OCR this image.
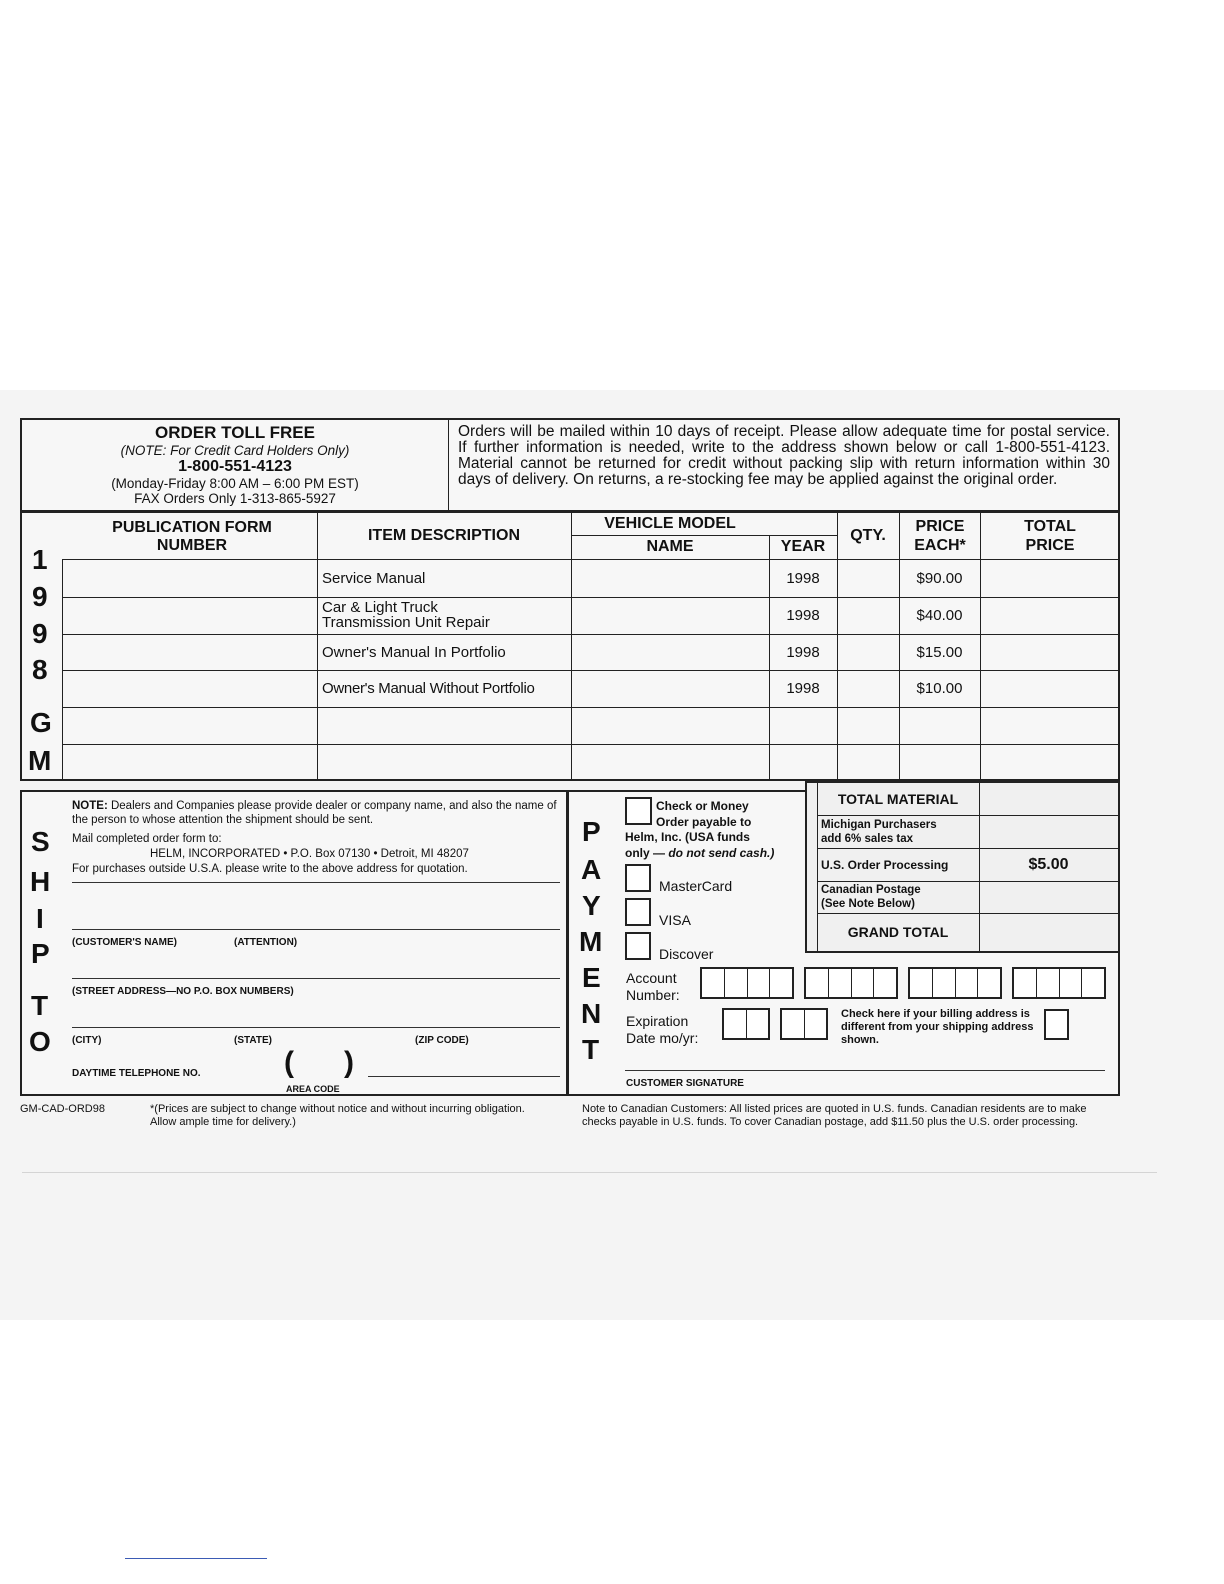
ORDER TOLL FREE
(NOTE: For Credit Card Holders Only)
1-800-551-4123
(Monday-Friday 8:00 AM – 6:00 PM EST)
FAX Orders Only 1-313-865-5927
Orders will be mailed within 10 days of receipt. Please allow adequate time for postal service. If further information is needed, write to the address shown below or call 1-800-551-4123. Material cannot be returned for credit without packing slip with return information within 30 days of delivery. On returns, a re-stocking fee may be applied against the original order.
1
9
9
8
G
M
PUBLICATION FORM NUMBER
ITEM DESCRIPTION
VEHICLE MODEL
NAME	YEAR
QTY.
PRICE EACH*
TOTAL PRICE
Service Manual	1998	$90.00
Car & Light Truck
Transmission Unit Repair	1998	$40.00
Owner's Manual In Portfolio	1998	$15.00
Owner's Manual Without Portfolio	1998	$10.00
S
H
I
P
T
O
NOTE: Dealers and Companies please provide dealer or company name, and also the name of the person to whose attention the shipment should be sent.
Mail completed order form to:
HELM, INCORPORATED • P.O. Box 07130 • Detroit, MI 48207
For purchases outside U.S.A. please write to the above address for quotation.
(CUSTOMER'S NAME)	(ATTENTION)
(STREET ADDRESS—NO P.O. BOX NUMBERS)
(CITY)	(STATE)	(ZIP CODE)
DAYTIME TELEPHONE NO.	( )
AREA CODE
P
A
Y
M
E
N
T
Check or Money
Order payable to
Helm, Inc. (USA funds
only — do not send cash.)
MasterCard
VISA
Discover
Account
Number:
Expiration
Date mo/yr:
Check here if your billing address is different from your shipping address shown.
CUSTOMER SIGNATURE
TOTAL MATERIAL
Michigan Purchasers
add 6% sales tax
U.S. Order Processing	$5.00
Canadian Postage
(See Note Below)
GRAND TOTAL
GM-CAD-ORD98	*(Prices are subject to change without notice and without incurring obligation. Allow ample time for delivery.)
Note to Canadian Customers: All listed prices are quoted in U.S. funds. Canadian residents are to make checks payable in U.S. funds. To cover Canadian postage, add $11.50 plus the U.S. order processing.
